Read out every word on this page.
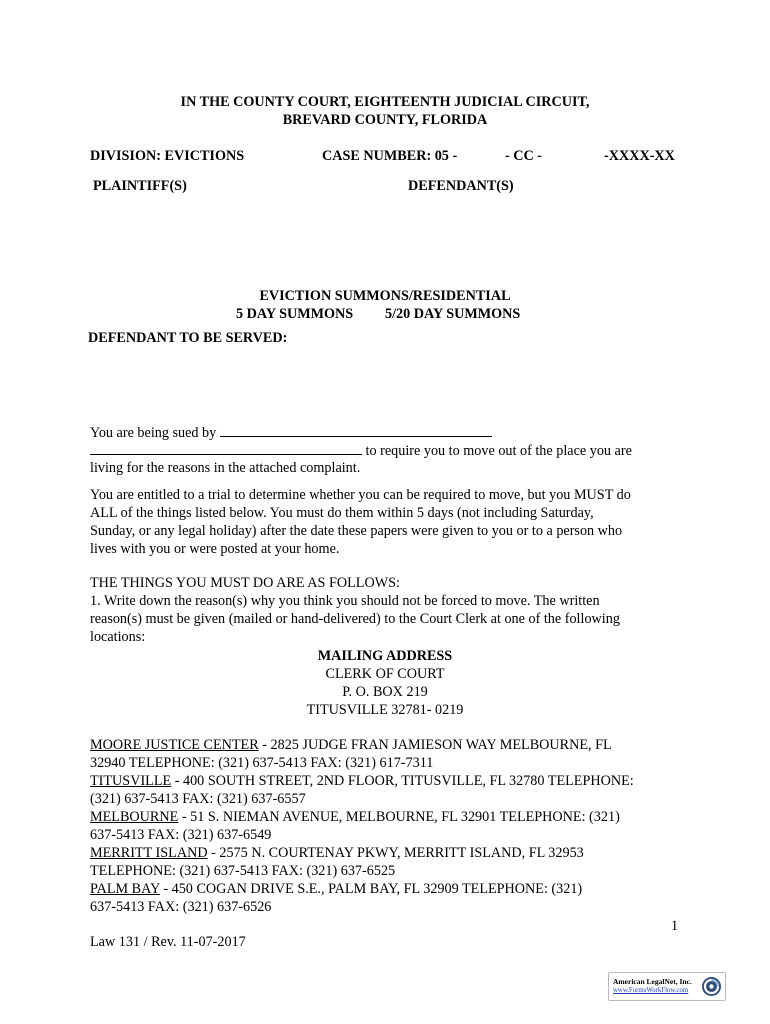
IN THE COUNTY COURT, EIGHTEENTH JUDICIAL CIRCUIT,
BREVARD COUNTY, FLORIDA
DIVISION: EVICTIONS	CASE NUMBER: 05 -	- CC -	-XXXX-XX
PLAINTIFF(S)	DEFENDANT(S)
EVICTION SUMMONS/RESIDENTIAL
5 DAY SUMMONS 5/20 DAY SUMMONS
DEFENDANT TO BE SERVED:
You are being sued by
to require you to move out of the place you are
living for the reasons in the attached complaint.
You are entitled to a trial to determine whether you can be required to move, but you MUST do
ALL of the things listed below. You must do them within 5 days (not including Saturday,
Sunday, or any legal holiday) after the date these papers were given to you or to a person who
lives with you or were posted at your home.
THE THINGS YOU MUST DO ARE AS FOLLOWS:
1. Write down the reason(s) why you think you should not be forced to move. The written
reason(s) must be given (mailed or hand-delivered) to the Court Clerk at one of the following
locations:
MAILING ADDRESS
CLERK OF COURT
P. O. BOX 219
TITUSVILLE 32781- 0219
MOORE JUSTICE CENTER - 2825 JUDGE FRAN JAMIESON WAY MELBOURNE, FL
32940 TELEPHONE: (321) 637-5413 FAX: (321) 617-7311
TITUSVILLE - 400 SOUTH STREET, 2ND FLOOR, TITUSVILLE, FL 32780 TELEPHONE:
(321) 637-5413 FAX: (321) 637-6557
MELBOURNE - 51 S. NIEMAN AVENUE, MELBOURNE, FL 32901 TELEPHONE: (321)
637-5413 FAX: (321) 637-6549
MERRITT ISLAND - 2575 N. COURTENAY PKWY, MERRITT ISLAND, FL 32953
TELEPHONE: (321) 637-5413 FAX: (321) 637-6525
PALM BAY - 450 COGAN DRIVE S.E., PALM BAY, FL 32909 TELEPHONE: (321)
637-5413 FAX: (321) 637-6526
1
Law 131 / Rev. 11-07-2017
American LegalNet, Inc.
www.FormsWorkFlow.com
